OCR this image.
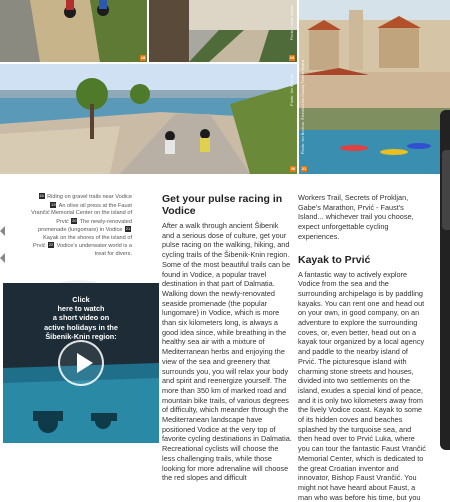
18
Photo: Lorem Ipsum
19
Photo: Ivo Biočina
20
Photo: Ivo Biočina, Šibenik-Knin County Tourist Board
21
18 Riding on gravel trails near Vodice 19 An olive oil press at the Faust Vrančić Memorial Center on the island of Prvić 20 The newly-renovated promenade (lungomare) in Vodice 21 Kayak on the shores of the island of Prvić 22 Vodice's underwater world is a treat for divers.
Click
here to watch
a short video on
active holidays in the
Šibenik-Knin region:
Get your pulse racing in Vodice

After a walk through ancient Šibenik and a serious dose of culture, get your pulse racing on the walking, hiking, and cycling trails of the Šibenik-Knin region. Some of the most beautiful trails can be found in Vodice, a popular travel destination in that part of Dalmatia. Walking down the newly-renovated seaside promenade (the popular lungomare) in Vodice, which is more than six kilometers long, is always a good idea since, while breathing in the healthy sea air with a mixture of Mediterranean herbs and enjoying the view of the sea and greenery that surrounds you, you will relax your body and spirit and reenergize yourself. The more than 350 km of marked road and mountain bike trails, of various degrees of difficulty, which meander through the Mediterranean landscape have positioned Vodice at the very top of favorite cycling destinations in Dalmatia. Recreational cyclists will choose the less challenging trails, while those looking for more adrenaline will choose the red slopes and difficult

Workers Trail, Secrets of Prokljan, Gabe's Marathon, Prvić - Faust's Island... whichever trail you choose, expect unforgettable cycling experiences.

Kayak to Prvić

A fantastic way to actively explore Vodice from the sea and the surrounding archipelago is by paddling kayaks. You can rent one and head out on your own, in good company, on an adventure to explore the surrounding coves, or, even better, head out on a kayak tour organized by a local agency and paddle to the nearby island of Prvić. The picturesque island with charming stone streets and houses, divided into two settlements on the island, exudes a special kind of peace, and it is only two kilometers away from the lively Vodice coast. Kayak to some of its hidden coves and beaches splashed by the turquoise sea, and then head over to Prvić Luka, where you can tour the fantastic Faust Vrančić Memorial Center, which is dedicated to the great Croatian inventor and innovator, Bishop Faust Vrančić. You might not have heard about Faust, a man who was before his time, but you
